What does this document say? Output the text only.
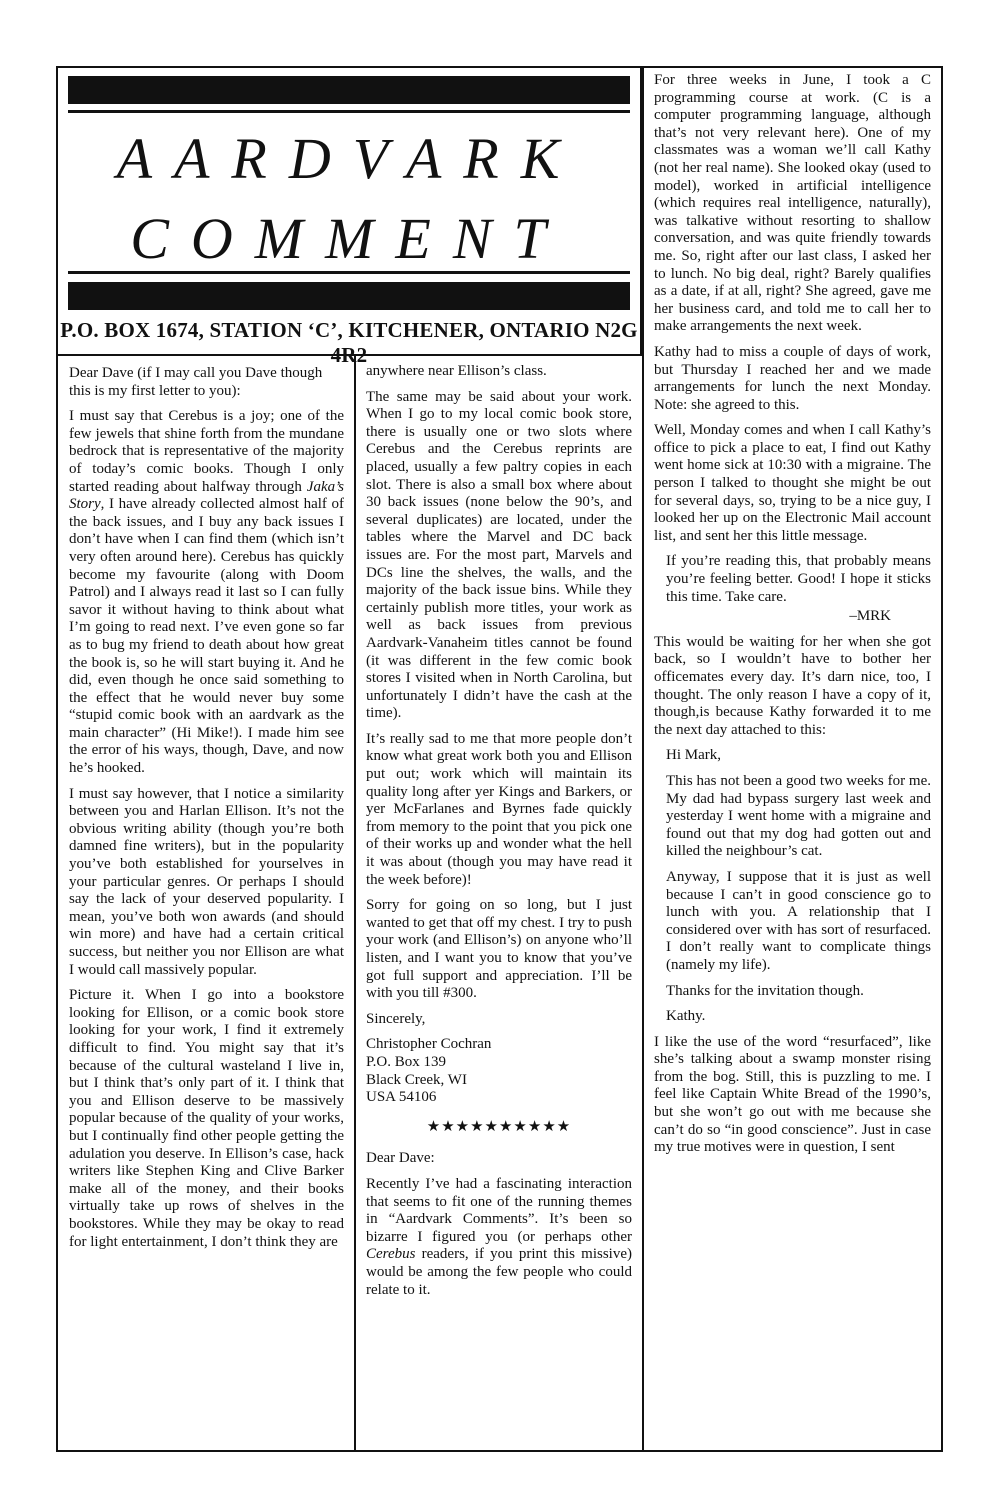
AARDVARK
COMMENT
P.O. BOX 1674, STATION ‘C’, KITCHENER, ONTARIO N2G 4R2

Dear Dave (if I may call you Dave though this is my first letter to you):

I must say that Cerebus is a joy; one of the few jewels that shine forth from the mundane bedrock that is representative of the majority of today’s comic books. Though I only started reading about halfway through Jaka’s Story, I have already collected almost half of the back issues, and I buy any back issues I don’t have when I can find them (which isn’t very often around here). Cerebus has quickly become my favourite (along with Doom Patrol) and I always read it last so I can fully savor it without having to think about what I’m going to read next. I’ve even gone so far as to bug my friend to death about how great the book is, so he will start buying it. And he did, even though he once said something to the effect that he would never buy some “stupid comic book with an aardvark as the main character” (Hi Mike!). I made him see the error of his ways, though, Dave, and now he’s hooked.

I must say however, that I notice a similarity between you and Harlan Ellison. It’s not the obvious writing ability (though you’re both damned fine writers), but in the popularity you’ve both established for yourselves in your particular genres. Or perhaps I should say the lack of your deserved popularity. I mean, you’ve both won awards (and should win more) and have had a certain critical success, but neither you nor Ellison are what I would call massively popular.

Picture it. When I go into a bookstore looking for Ellison, or a comic book store looking for your work, I find it extremely difficult to find. You might say that it’s because of the cultural wasteland I live in, but I think that’s only part of it. I think that you and Ellison deserve to be massively popular because of the quality of your works, but I continually find other people getting the adulation you deserve. In Ellison’s case, hack writers like Stephen King and Clive Barker make all of the money, and their books virtually take up rows of shelves in the bookstores. While they may be okay to read for light entertainment, I don’t think they are

anywhere near Ellison’s class.

The same may be said about your work. When I go to my local comic book store, there is usually one or two slots where Cerebus and the Cerebus reprints are placed, usually a few paltry copies in each slot. There is also a small box where about 30 back issues (none below the 90’s, and several duplicates) are located, under the tables where the Marvel and DC back issues are. For the most part, Marvels and DCs line the shelves, the walls, and the majority of the back issue bins. While they certainly publish more titles, your work as well as back issues from previous Aardvark-Vanaheim titles cannot be found (it was different in the few comic book stores I visited when in North Carolina, but unfortunately I didn’t have the cash at the time).

It’s really sad to me that more people don’t know what great work both you and Ellison put out; work which will maintain its quality long after yer Kings and Barkers, or yer McFarlanes and Byrnes fade quickly from memory to the point that you pick one of their works up and wonder what the hell it was about (though you may have read it the week before)!

Sorry for going on so long, but I just wanted to get that off my chest. I try to push your work (and Ellison’s) on anyone who’ll listen, and I want you to know that you’ve got full support and appreciation. I’ll be with you till #300.

Sincerely,

Christopher Cochran
P.O. Box 139
Black Creek, WI
USA 54106
★★★★★★★★★★

Dear Dave:

Recently I’ve had a fascinating interaction that seems to fit one of the running themes in “Aardvark Comments”. It’s been so bizarre I figured you (or perhaps other Cerebus readers, if you print this missive) would be among the few people who could relate to it.

For three weeks in June, I took a C programming course at work. (C is a computer programming language, although that’s not very relevant here). One of my classmates was a woman we’ll call Kathy (not her real name). She looked okay (used to model), worked in artificial intelligence (which requires real intelligence, naturally), was talkative without resorting to shallow conversation, and was quite friendly towards me. So, right after our last class, I asked her to lunch. No big deal, right? Barely qualifies as a date, if at all, right? She agreed, gave me her business card, and told me to call her to make arrangements the next week.

Kathy had to miss a couple of days of work, but Thursday I reached her and we made arrangements for lunch the next Monday. Note: she agreed to this.

Well, Monday comes and when I call Kathy’s office to pick a place to eat, I find out Kathy went home sick at 10:30 with a migraine. The person I talked to thought she might be out for several days, so, trying to be a nice guy, I looked her up on the Electronic Mail account list, and sent her this little message.

If you’re reading this, that probably means you’re feeling better. Good! I hope it sticks this time. Take care.

–MRK

This would be waiting for her when she got back, so I wouldn’t have to bother her officemates every day. It’s darn nice, too, I thought. The only reason I have a copy of it, though,is because Kathy forwarded it to me the next day attached to this:

Hi Mark,

This has not been a good two weeks for me. My dad had bypass surgery last week and yesterday I went home with a migraine and found out that my dog had gotten out and killed the neighbour’s cat.

Anyway, I suppose that it is just as well because I can’t in good conscience go to lunch with you. A relationship that I considered over with has sort of resurfaced. I don’t really want to complicate things (namely my life).

Thanks for the invitation though.

Kathy.

I like the use of the word “resurfaced”, like she’s talking about a swamp monster rising from the bog. Still, this is puzzling to me. I feel like Captain White Bread of the 1990’s, but she won’t go out with me because she can’t do so “in good conscience”. Just in case my true motives were in question, I sent
